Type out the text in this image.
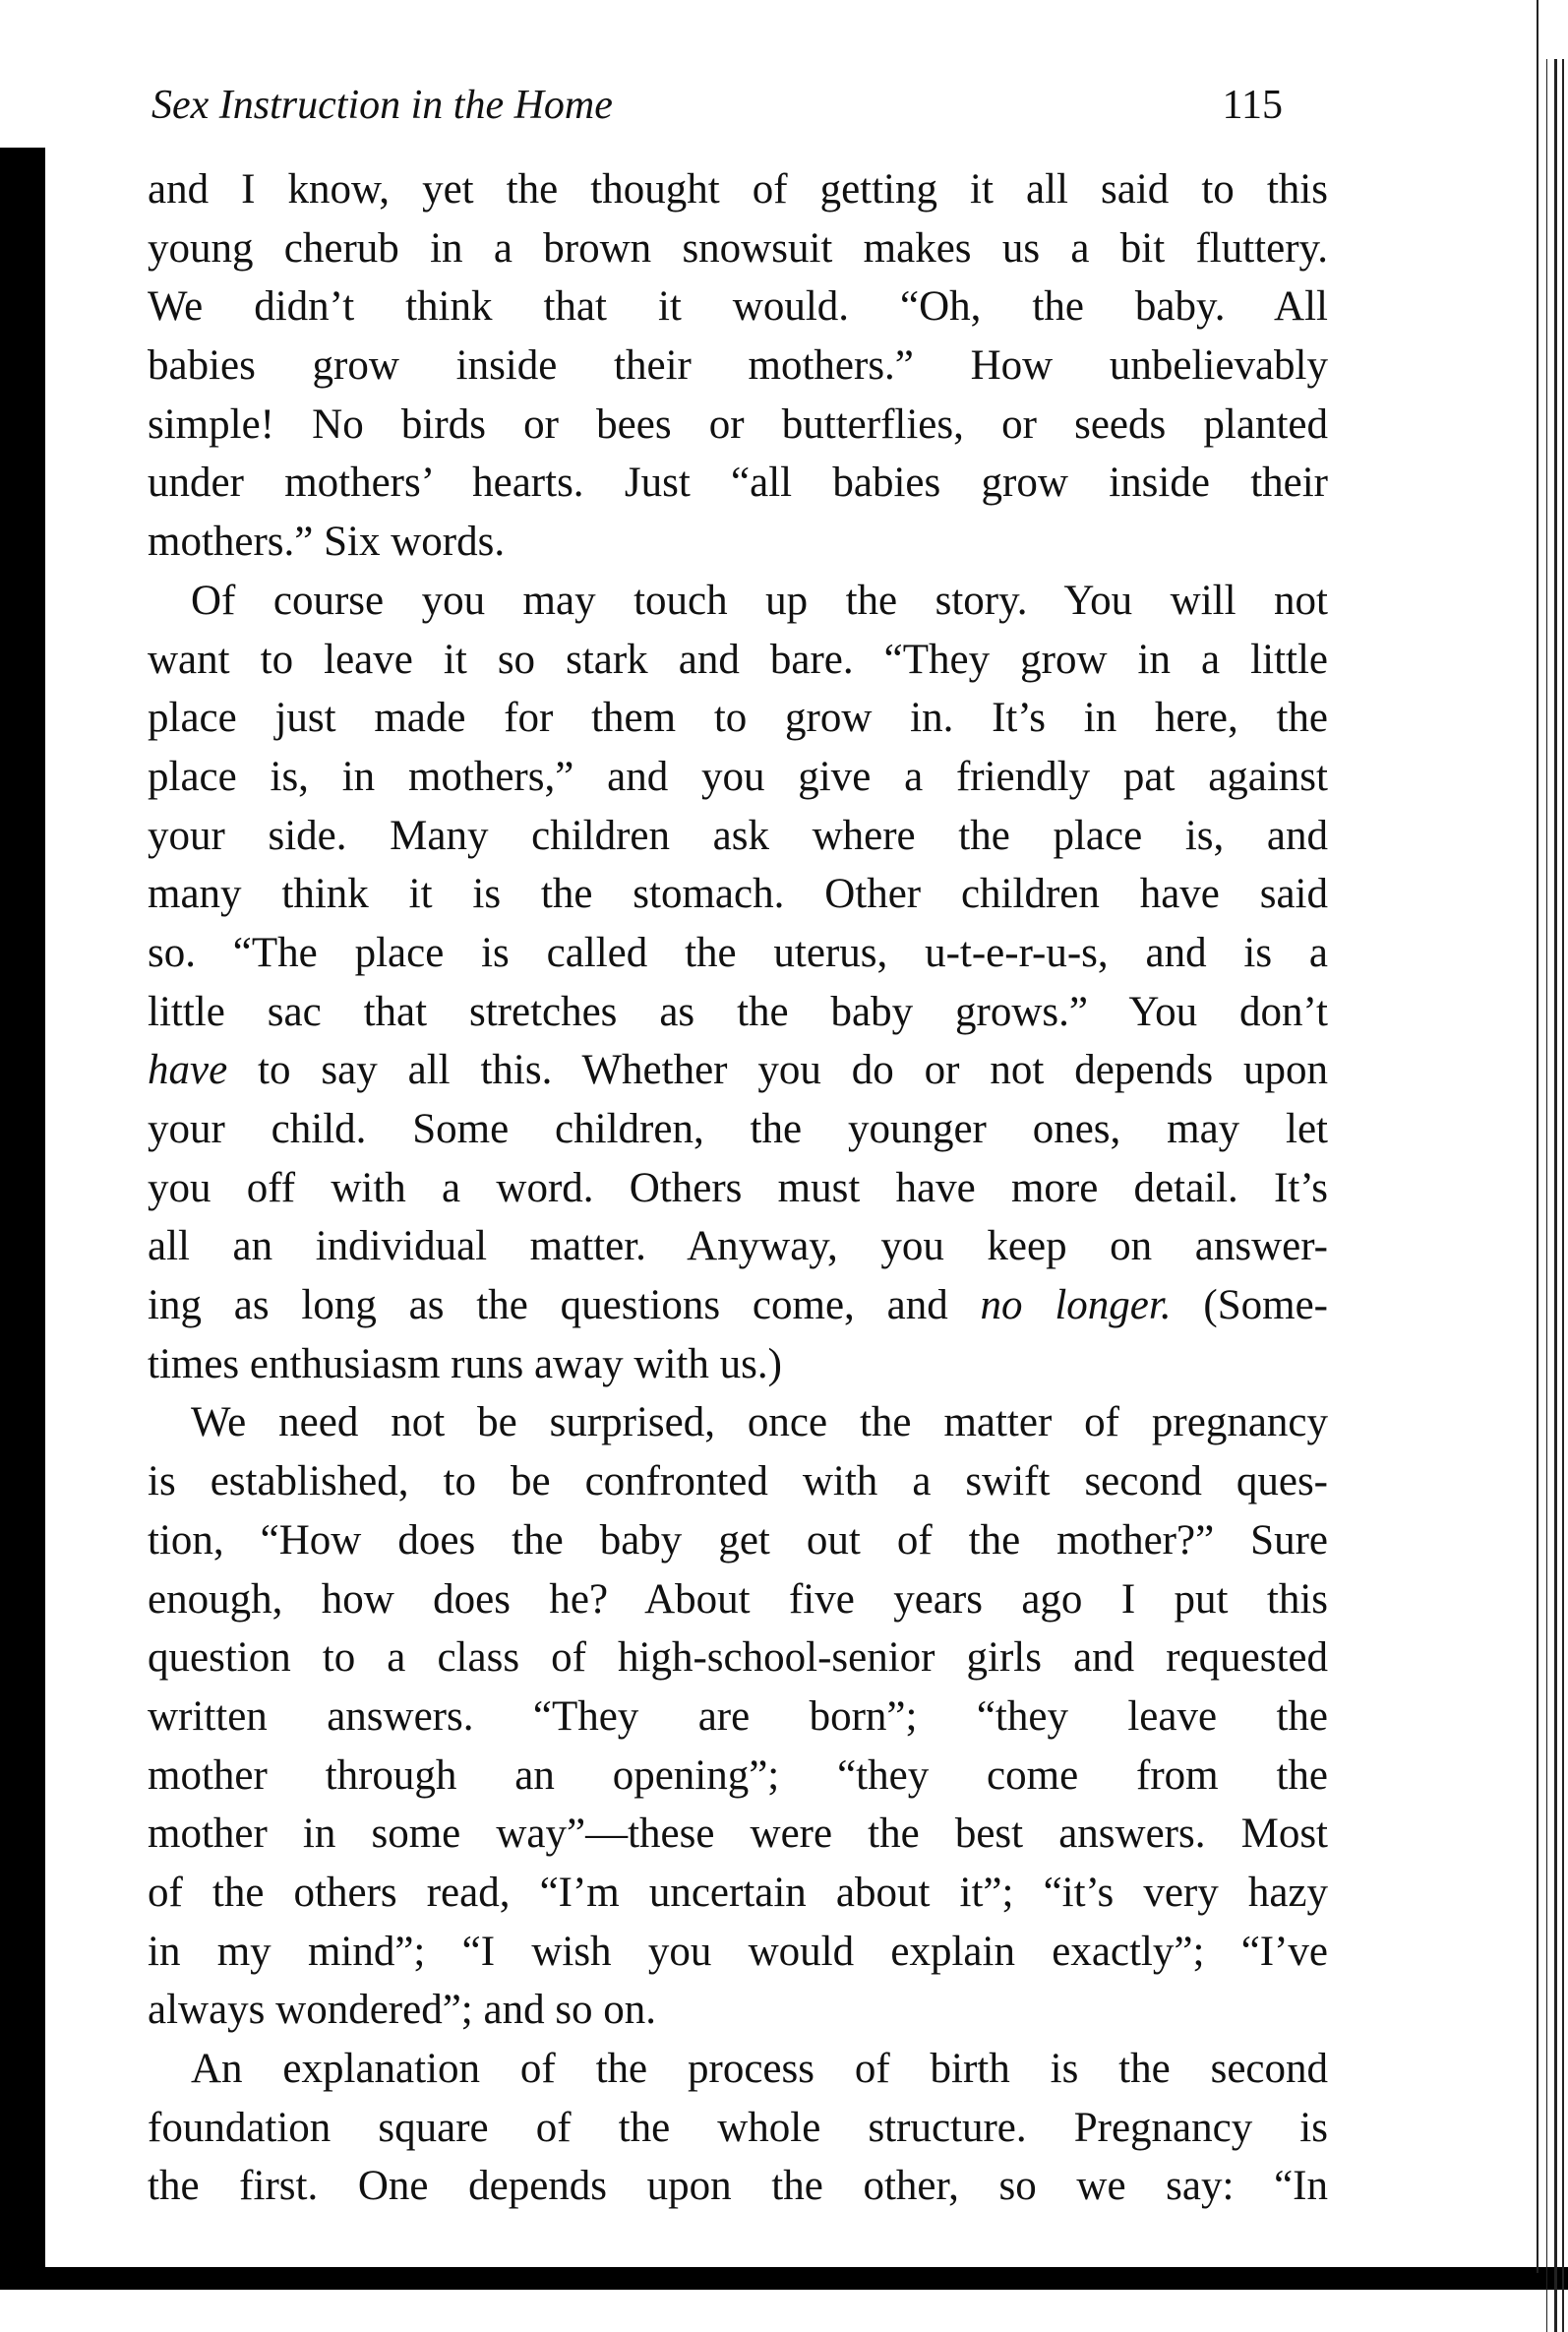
Sex Instruction in the Home	115
and I know, yet the thought of getting it all said to this
young cherub in a brown snowsuit makes us a bit fluttery.
We didn’t think that it would. “Oh, the baby. All
babies grow inside their mothers.” How unbelievably
simple! No birds or bees or butterflies, or seeds planted
under mothers’ hearts. Just “all babies grow inside their
mothers.” Six words.
Of course you may touch up the story. You will not
want to leave it so stark and bare. “They grow in a little
place just made for them to grow in. It’s in here, the
place is, in mothers,” and you give a friendly pat against
your side. Many children ask where the place is, and
many think it is the stomach. Other children have said
so. “The place is called the uterus, u-t-e-r-u-s, and is a
little sac that stretches as the baby grows.” You don’t
have to say all this. Whether you do or not depends upon
your child. Some children, the younger ones, may let
you off with a word. Others must have more detail. It’s
all an individual matter. Anyway, you keep on answer-
ing as long as the questions come, and no longer. (Some-
times enthusiasm runs away with us.)
We need not be surprised, once the matter of pregnancy
is established, to be confronted with a swift second ques-
tion, “How does the baby get out of the mother?” Sure
enough, how does he? About five years ago I put this
question to a class of high-school-senior girls and requested
written answers. “They are born”; “they leave the
mother through an opening”; “they come from the
mother in some way”—these were the best answers. Most
of the others read, “I’m uncertain about it”; “it’s very hazy
in my mind”; “I wish you would explain exactly”; “I’ve
always wondered”; and so on.
An explanation of the process of birth is the second
foundation square of the whole structure. Pregnancy is
the first. One depends upon the other, so we say: “In
